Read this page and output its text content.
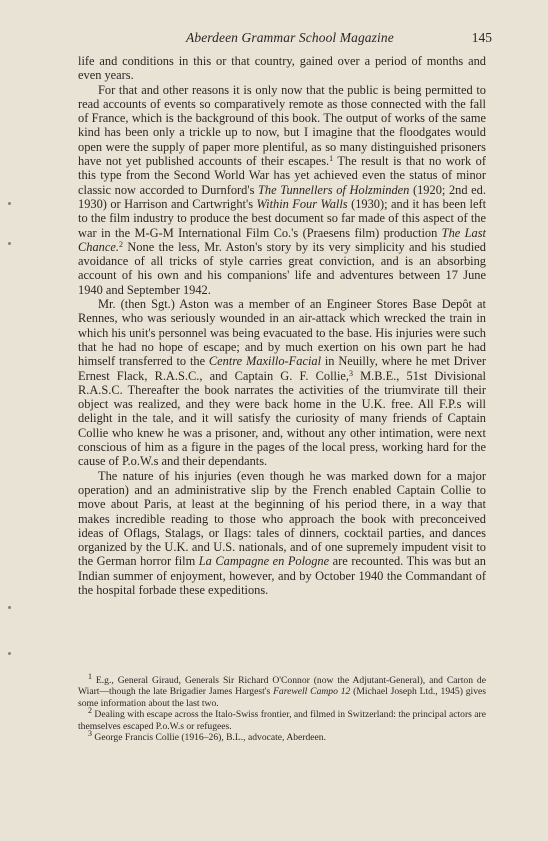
Aberdeen Grammar School Magazine	145

life and conditions in this or that country, gained over a period of months and even years.

For that and other reasons it is only now that the public is being permitted to read accounts of events so comparatively remote as those connected with the fall of France, which is the background of this book. The output of works of the same kind has been only a trickle up to now, but I imagine that the floodgates would open were the supply of paper more plentiful, as so many distinguished prisoners have not yet published accounts of their escapes.$^1$ The result is that no work of this type from the Second World War has yet achieved even the status of minor classic now accorded to Durnford's The Tunnellers of Holzminden (1920; 2nd ed. 1930) or Harrison and Cartwright's Within Four Walls (1930); and it has been left to the film industry to produce the best document so far made of this aspect of the war in the M-G-M International Film Co.'s (Praesens film) production The Last Chance.$^2$ None the less, Mr. Aston's story by its very simplicity and his studied avoidance of all tricks of style carries great conviction, and is an absorbing account of his own and his companions' life and adventures between 17 June 1940 and September 1942.

Mr. (then Sgt.) Aston was a member of an Engineer Stores Base Depôt at Rennes, who was seriously wounded in an air-attack which wrecked the train in which his unit's personnel was being evacuated to the base. His injuries were such that he had no hope of escape; and by much exertion on his own part he had himself transferred to the Centre Maxillo-Facial in Neuilly, where he met Driver Ernest Flack, R.A.S.C., and Captain G. F. Collie,$^3$ M.B.E., 51st Divisional R.A.S.C. Thereafter the book narrates the activities of the triumvirate till their object was realized, and they were back home in the U.K. free. All F.P.s will delight in the tale, and it will satisfy the curiosity of many friends of Captain Collie who knew he was a prisoner, and, without any other intimation, were next conscious of him as a figure in the pages of the local press, working hard for the cause of P.o.W.s and their dependants.

The nature of his injuries (even though he was marked down for a major operation) and an administrative slip by the French enabled Captain Collie to move about Paris, at least at the beginning of his period there, in a way that makes incredible reading to those who approach the book with preconceived ideas of Oflags, Stalags, or Ilags: tales of dinners, cocktail parties, and dances organized by the U.K. and U.S. nationals, and of one supremely impudent visit to the German horror film La Campagne en Pologne are recounted. This was but an Indian summer of enjoyment, however, and by October 1940 the Commandant of the hospital forbade these expeditions.

$^1$ E.g., General Giraud, Generals Sir Richard O'Connor (now the Adjutant-General), and Carton de Wiart—though the late Brigadier James Hargest's Farewell Campo 12 (Michael Joseph Ltd., 1945) gives some information about the last two.

$^2$ Dealing with escape across the Italo-Swiss frontier, and filmed in Switzerland: the principal actors are themselves escaped P.o.W.s or refugees.

$^3$ George Francis Collie (1916–26), B.L., advocate, Aberdeen.
